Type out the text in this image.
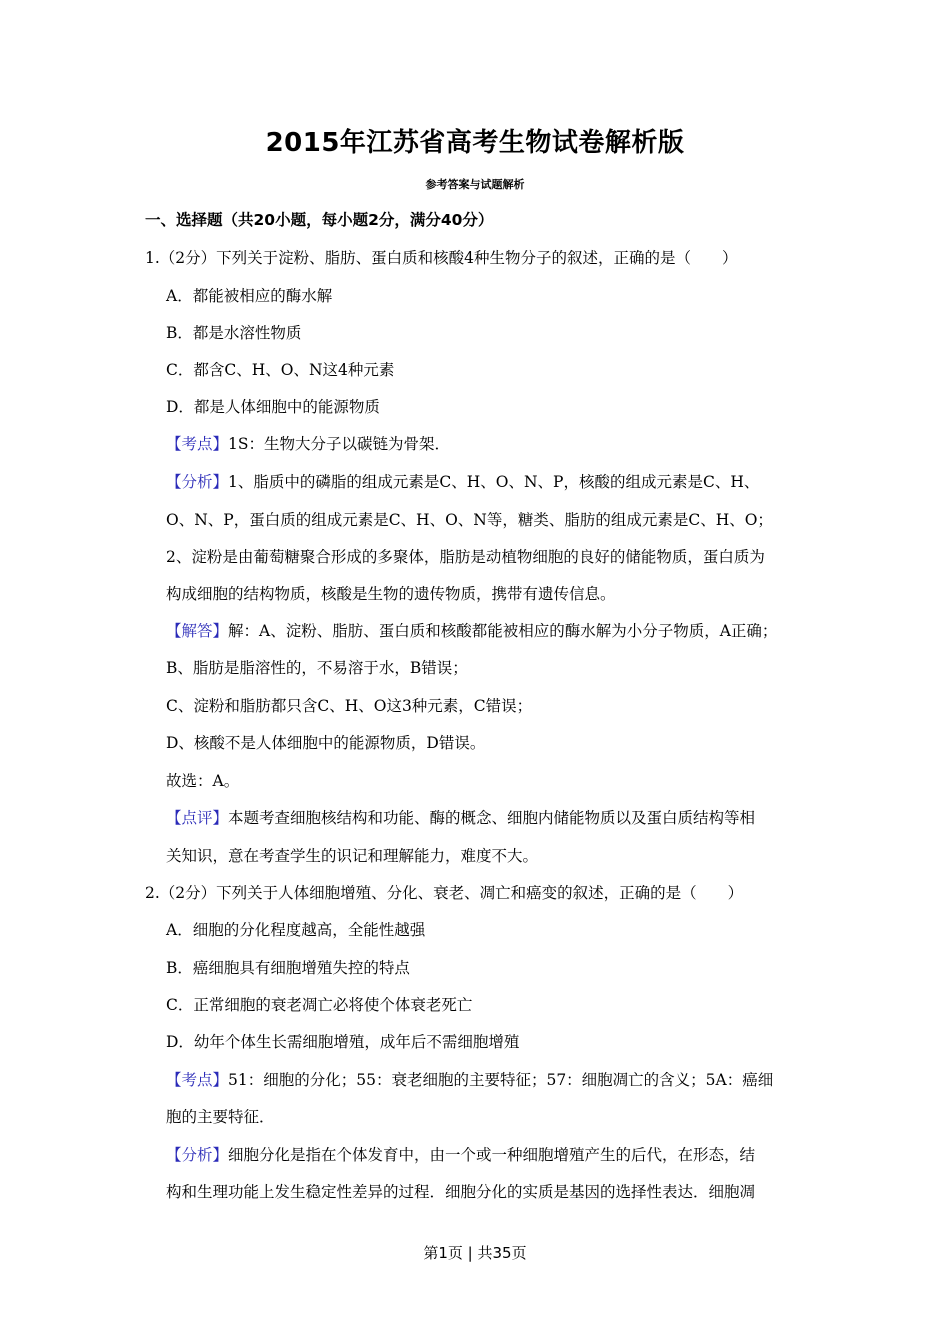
2015年江苏省高考生物试卷解析版
参考答案与试题解析
一、选择题（共20小题，每小题2分，满分40分）
1.（2分）下列关于淀粉、脂肪、蛋白质和核酸4种生物分子的叙述，正确的是（　　）
A．都能被相应的酶水解
B．都是水溶性物质
C．都含C、H、O、N这4种元素
D．都是人体细胞中的能源物质
【考点】1S：生物大分子以碳链为骨架．
【分析】1、脂质中的磷脂的组成元素是C、H、O、N、P，核酸的组成元素是C、H、
O、N、P，蛋白质的组成元素是C、H、O、N等，糖类、脂肪的组成元素是C、H、O；
2、淀粉是由葡萄糖聚合形成的多聚体，脂肪是动植物细胞的良好的储能物质，蛋白质为
构成细胞的结构物质，核酸是生物的遗传物质，携带有遗传信息。
【解答】解：A、淀粉、脂肪、蛋白质和核酸都能被相应的酶水解为小分子物质，A正确；
B、脂肪是脂溶性的，不易溶于水，B错误；
C、淀粉和脂肪都只含C、H、O这3种元素，C错误；
D、核酸不是人体细胞中的能源物质，D错误。
故选：A。
【点评】本题考查细胞核结构和功能、酶的概念、细胞内储能物质以及蛋白质结构等相
关知识，意在考查学生的识记和理解能力，难度不大。
2.（2分）下列关于人体细胞增殖、分化、衰老、凋亡和癌变的叙述，正确的是（　　）
A．细胞的分化程度越高，全能性越强
B．癌细胞具有细胞增殖失控的特点
C．正常细胞的衰老凋亡必将使个体衰老死亡
D．幼年个体生长需细胞增殖，成年后不需细胞增殖
【考点】51：细胞的分化；55：衰老细胞的主要特征；57：细胞凋亡的含义；5A：癌细
胞的主要特征．
【分析】细胞分化是指在个体发育中，由一个或一种细胞增殖产生的后代，在形态，结
构和生理功能上发生稳定性差异的过程．细胞分化的实质是基因的选择性表达．细胞凋
第1页 | 共35页
